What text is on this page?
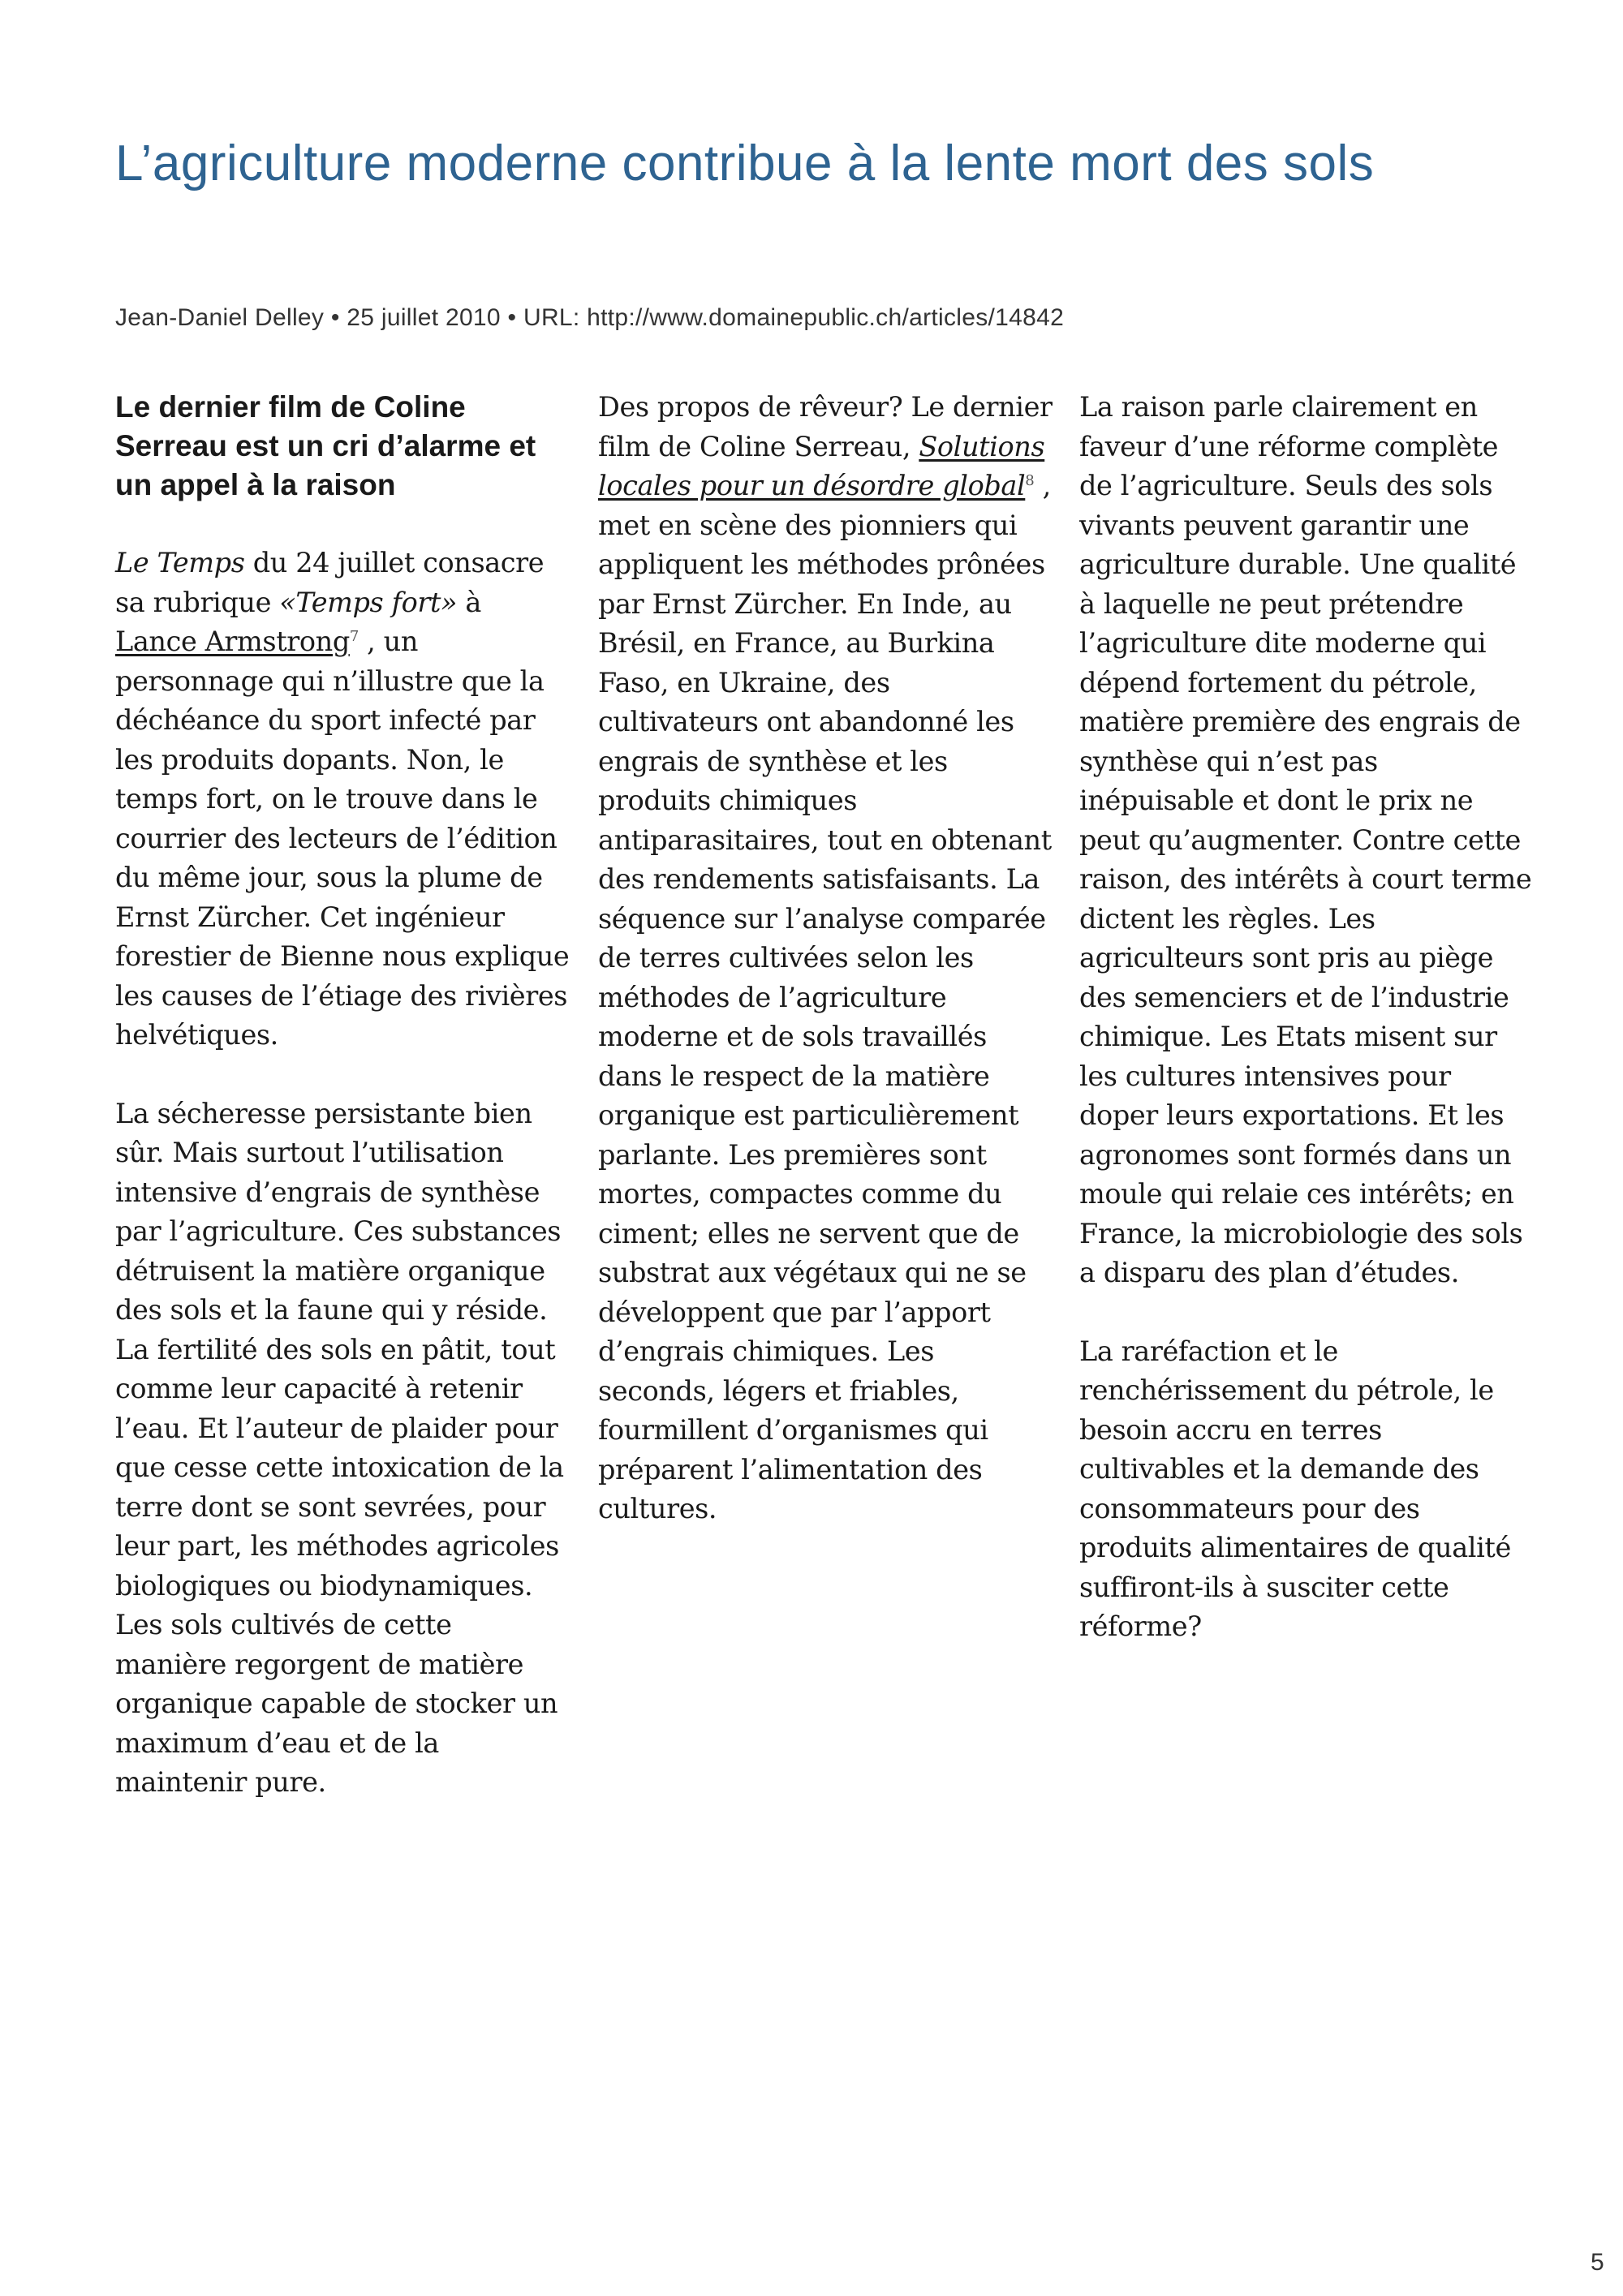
L’agriculture moderne contribue à la lente mort des sols
Jean-Daniel Delley • 25 juillet 2010 • URL: http://www.domainepublic.ch/articles/14842
Le dernier film de Coline Serreau est un cri d’alarme et un appel à la raison

Le Temps du 24 juillet consacre sa rubrique «Temps fort» à Lance Armstrong$^7$ , un personnage qui n’illustre que la déchéance du sport infecté par les produits dopants. Non, le temps fort, on le trouve dans le courrier des lecteurs de l’édition du même jour, sous la plume de Ernst Zürcher. Cet ingénieur forestier de Bienne nous explique les causes de l’étiage des rivières helvétiques.

La sécheresse persistante bien sûr. Mais surtout l’utilisation intensive d’engrais de synthèse par l’agriculture. Ces substances détruisent la matière organique des sols et la faune qui y réside. La fertilité des sols en pâtit, tout comme leur capacité à retenir l’eau. Et l’auteur de plaider pour que cesse cette intoxication de la terre dont se sont sevrées, pour leur part, les méthodes agricoles biologiques ou biodynamiques. Les sols cultivés de cette manière regorgent de matière organique capable de stocker un maximum d’eau et de la maintenir pure.

Des propos de rêveur? Le dernier film de Coline Serreau, Solutions locales pour un désordre global$^8$ , met en scène des pionniers qui appliquent les méthodes prônées par Ernst Zürcher. En Inde, au Brésil, en France, au Burkina Faso, en Ukraine, des cultivateurs ont abandonné les engrais de synthèse et les produits chimiques antiparasitaires, tout en obtenant des rendements satisfaisants. La séquence sur l’analyse comparée de terres cultivées selon les méthodes de l’agriculture moderne et de sols travaillés dans le respect de la matière organique est particulièrement parlante. Les premières sont mortes, compactes comme du ciment; elles ne servent que de substrat aux végétaux qui ne se développent que par l’apport d’engrais chimiques. Les seconds, légers et friables, fourmillent d’organismes qui préparent l’alimentation des cultures.

La raison parle clairement en faveur d’une réforme complète de l’agriculture. Seuls des sols vivants peuvent garantir une agriculture durable. Une qualité à laquelle ne peut prétendre l’agriculture dite moderne qui dépend fortement du pétrole, matière première des engrais de synthèse qui n’est pas inépuisable et dont le prix ne peut qu’augmenter. Contre cette raison, des intérêts à court terme dictent les règles. Les agriculteurs sont pris au piège des semenciers et de l’industrie chimique. Les Etats misent sur les cultures intensives pour doper leurs exportations. Et les agronomes sont formés dans un moule qui relaie ces intérêts; en France, la microbiologie des sols a disparu des plan d’études.

La raréfaction et le renchérissement du pétrole, le besoin accru en terres cultivables et la demande des consommateurs pour des produits alimentaires de qualité suffiront-ils à susciter cette réforme?

5
